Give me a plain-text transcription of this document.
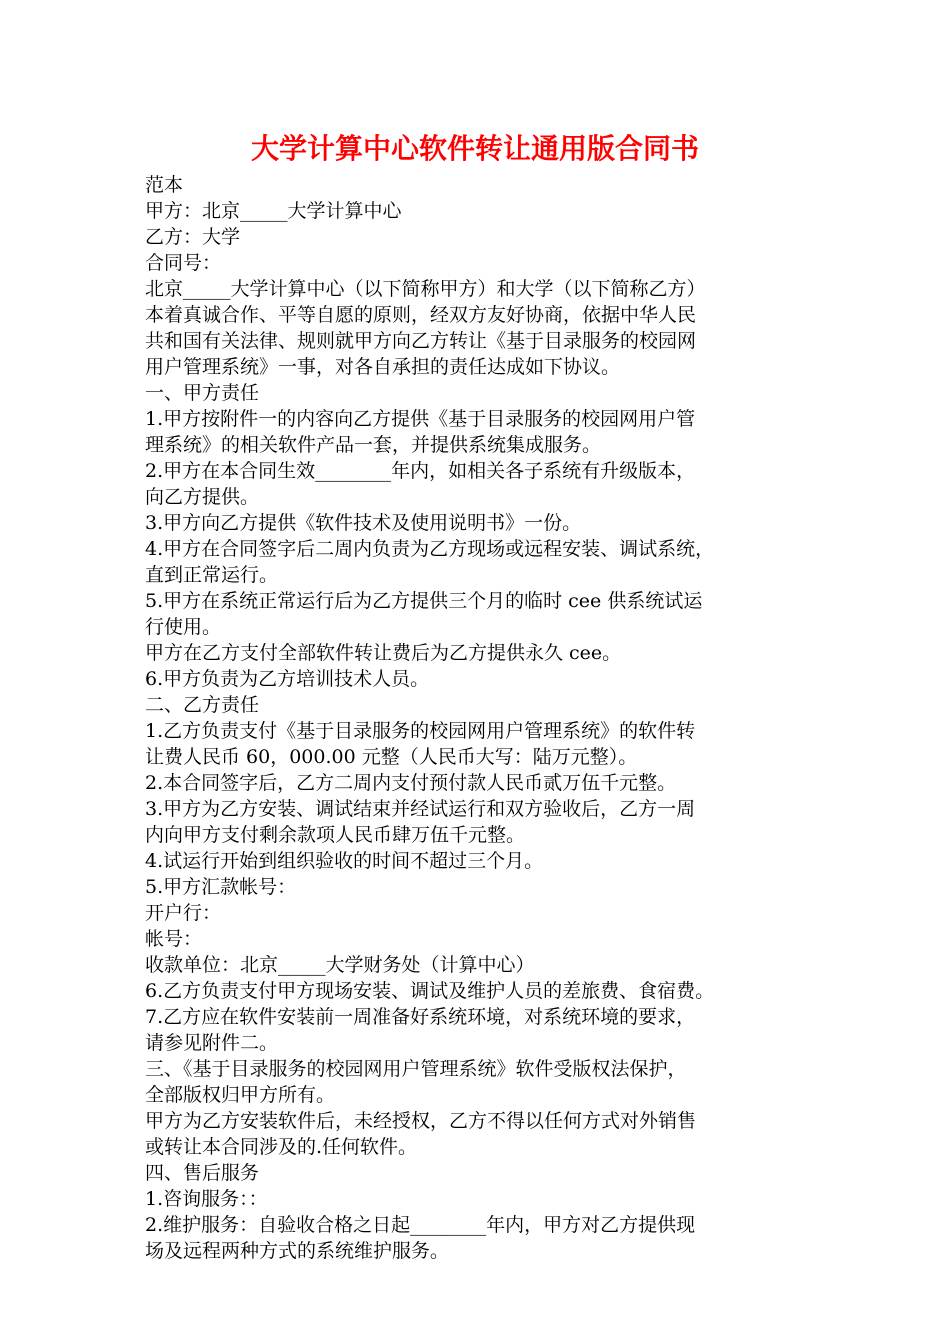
大学计算中心软件转让通用版合同书
范本
甲方：北京_____大学计算中心
乙方：大学
合同号：
北京_____大学计算中心（以下简称甲方）和大学（以下简称乙方）
本着真诚合作、平等自愿的原则，经双方友好协商，依据中华人民
共和国有关法律、规则就甲方向乙方转让《基于目录服务的校园网
用户管理系统》一事，对各自承担的责任达成如下协议。
一、甲方责任
1.甲方按附件一的内容向乙方提供《基于目录服务的校园网用户管
理系统》的相关软件产品一套，并提供系统集成服务。
2.甲方在本合同生效________年内，如相关各子系统有升级版本，
向乙方提供。
3.甲方向乙方提供《软件技术及使用说明书》一份。
4.甲方在合同签字后二周内负责为乙方现场或远程安装、调试系统，
直到正常运行。
5.甲方在系统正常运行后为乙方提供三个月的临时 cee 供系统试运
行使用。
甲方在乙方支付全部软件转让费后为乙方提供永久 cee。
6.甲方负责为乙方培训技术人员。
二、乙方责任
1.乙方负责支付《基于目录服务的校园网用户管理系统》的软件转
让费人民币 60，000.00 元整（人民币大写：陆万元整）。
2.本合同签字后，乙方二周内支付预付款人民币贰万伍千元整。
3.甲方为乙方安装、调试结束并经试运行和双方验收后，乙方一周
内向甲方支付剩余款项人民币肆万伍千元整。
4.试运行开始到组织验收的时间不超过三个月。
5.甲方汇款帐号：
开户行：
帐号：
收款单位：北京_____大学财务处（计算中心）
6.乙方负责支付甲方现场安装、调试及维护人员的差旅费、食宿费。
7.乙方应在软件安装前一周准备好系统环境，对系统环境的要求，
请参见附件二。
三、《基于目录服务的校园网用户管理系统》软件受版权法保护，
全部版权归甲方所有。
甲方为乙方安装软件后，未经授权，乙方不得以任何方式对外销售
或转让本合同涉及的.任何软件。
四、售后服务
1.咨询服务：：
2.维护服务：自验收合格之日起________年内，甲方对乙方提供现
场及远程两种方式的系统维护服务。
